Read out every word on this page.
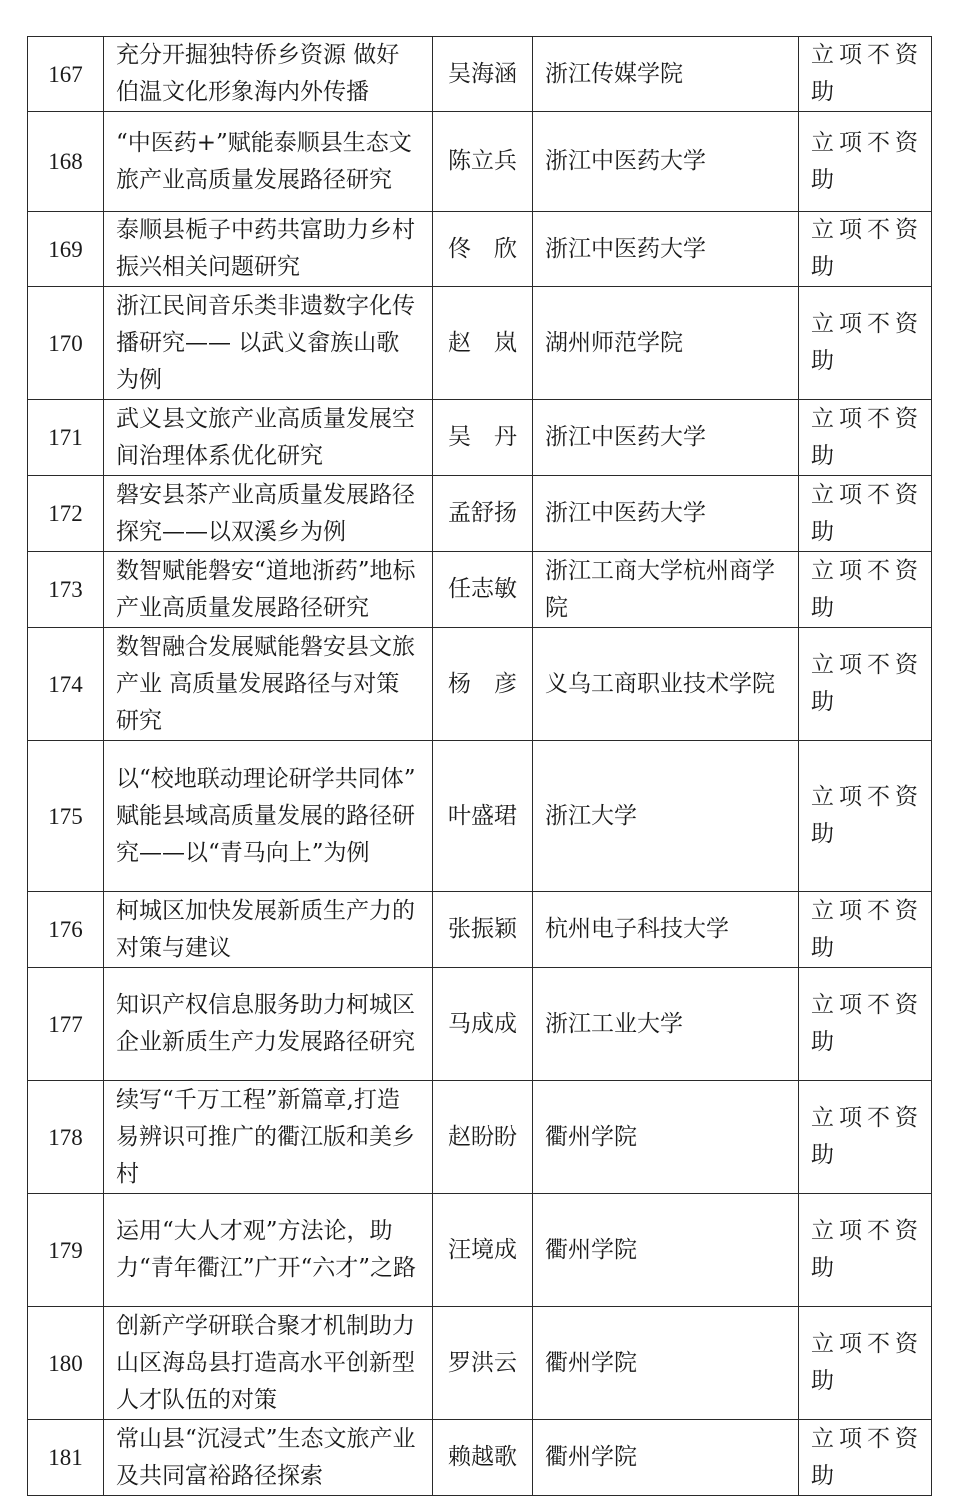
167	充分开掘独特侨乡资源 做好伯温文化形象海内外传播	吴海涵	浙江传媒学院	立项不资助
168	“中医药+”赋能泰顺县生态文旅产业高质量发展路径研究	陈立兵	浙江中医药大学	立项不资助
169	泰顺县栀子中药共富助力乡村振兴相关问题研究	佟　欣	浙江中医药大学	立项不资助
170	浙江民间音乐类非遗数字化传播研究—— 以武义畲族山歌为例	赵　岚	湖州师范学院	立项不资助
171	武义县文旅产业高质量发展空间治理体系优化研究	吴　丹	浙江中医药大学	立项不资助
172	磐安县茶产业高质量发展路径探究——以双溪乡为例	孟舒扬	浙江中医药大学	立项不资助
173	数智赋能磐安“道地浙药”地标产业高质量发展路径研究	任志敏	浙江工商大学杭州商学院	立项不资助
174	数智融合发展赋能磐安县文旅产业 高质量发展路径与对策研究	杨　彦	义乌工商职业技术学院	立项不资助
175	以“校地联动理论研学共同体” 赋能县域高质量发展的路径研究——以“青马向上”为例	叶盛珺	浙江大学	立项不资助
176	柯城区加快发展新质生产力的对策与建议	张振颖	杭州电子科技大学	立项不资助
177	知识产权信息服务助力柯城区企业新质生产力发展路径研究	马成成	浙江工业大学	立项不资助
178	续写“千万工程”新篇章,打造易辨识可推广的衢江版和美乡村	赵盼盼	衢州学院	立项不资助
179	运用“大人才观”方法论，助力“青年衢江”广开“六才”之路	汪境成	衢州学院	立项不资助
180	创新产学研联合聚才机制助力山区海岛县打造高水平创新型人才队伍的对策	罗洪云	衢州学院	立项不资助
181	常山县“沉浸式”生态文旅产业及共同富裕路径探索	赖越歌	衢州学院	立项不资助
